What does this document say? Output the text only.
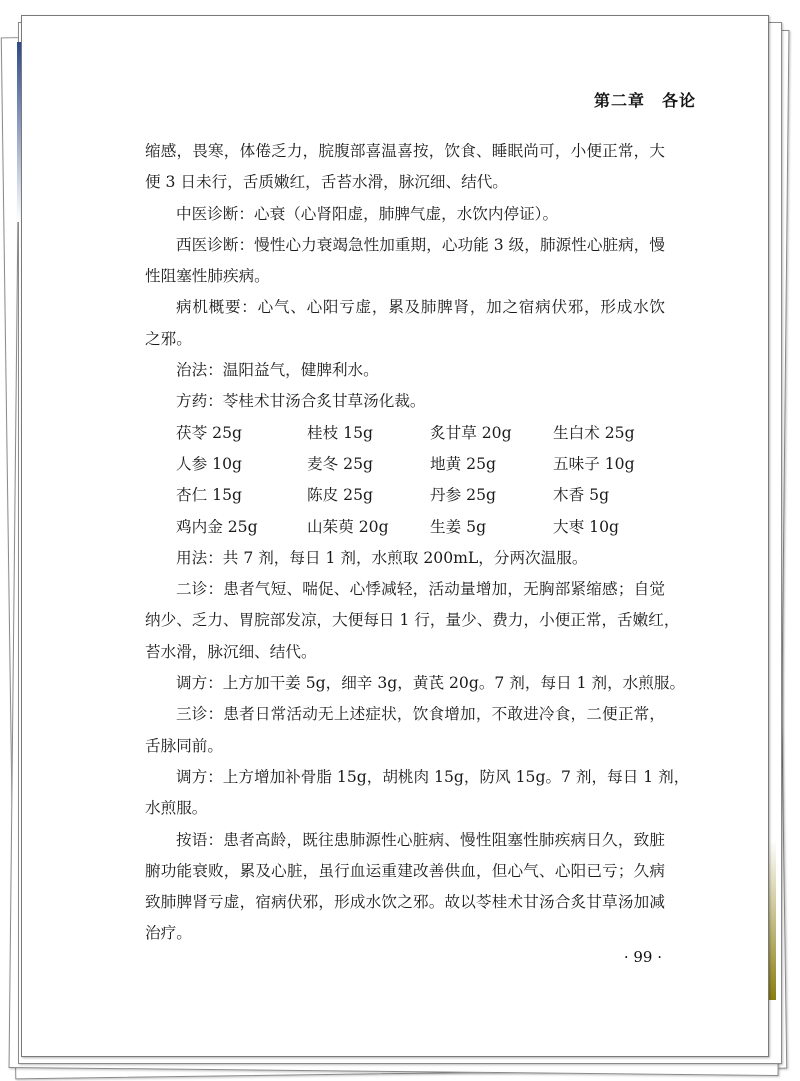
第二章　各论
缩感，畏寒，体倦乏力，脘腹部喜温喜按，饮食、睡眠尚可，小便正常，大
便 3 日未行，舌质嫩红，舌苔水滑，脉沉细、结代。
中医诊断：心衰（心肾阳虚，肺脾气虚，水饮内停证）。
西医诊断：慢性心力衰竭急性加重期，心功能 3 级，肺源性心脏病，慢
性阻塞性肺疾病。
病机概要：心气、心阳亏虚，累及肺脾肾，加之宿病伏邪，形成水饮
之邪。
治法：温阳益气，健脾利水。
方药：苓桂术甘汤合炙甘草汤化裁。
茯苓 25g	桂枝 15g	炙甘草 20g	生白术 25g
人参 10g	麦冬 25g	地黄 25g	五味子 10g
杏仁 15g	陈皮 25g	丹参 25g	木香 5g
鸡内金 25g	山茱萸 20g	生姜 5g	大枣 10g
用法：共 7 剂，每日 1 剂，水煎取 200mL，分两次温服。
二诊：患者气短、喘促、心悸减轻，活动量增加，无胸部紧缩感；自觉
纳少、乏力、胃脘部发凉，大便每日 1 行，量少、费力，小便正常，舌嫩红，
苔水滑，脉沉细、结代。
调方：上方加干姜 5g，细辛 3g，黄芪 20g。7 剂，每日 1 剂，水煎服。
三诊：患者日常活动无上述症状，饮食增加，不敢进冷食，二便正常，
舌脉同前。
调方：上方增加补骨脂 15g，胡桃肉 15g，防风 15g。7 剂，每日 1 剂，
水煎服。
按语：患者高龄，既往患肺源性心脏病、慢性阻塞性肺疾病日久，致脏
腑功能衰败，累及心脏，虽行血运重建改善供血，但心气、心阳已亏；久病
致肺脾肾亏虚，宿病伏邪，形成水饮之邪。故以苓桂术甘汤合炙甘草汤加减
治疗。
· 99 ·
